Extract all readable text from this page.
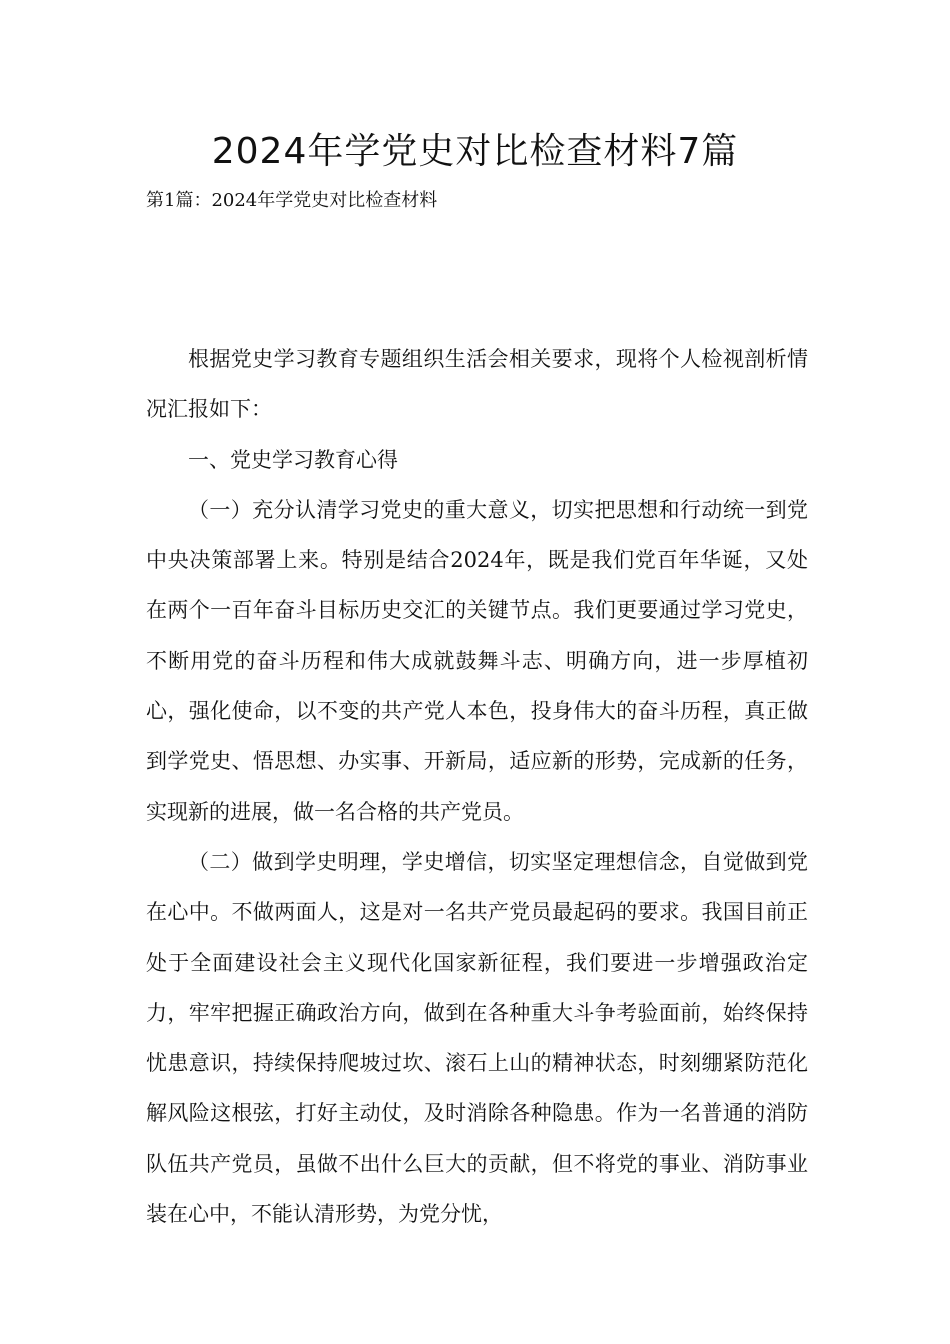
2024年学党史对比检查材料7篇
第1篇：2024年学党史对比检查材料

根据党史学习教育专题组织生活会相关要求，现将个人检视剖析情况汇报如下：

一、党史学习教育心得

（一）充分认清学习党史的重大意义，切实把思想和行动统一到党中央决策部署上来。特别是结合2024年，既是我们党百年华诞，又处在两个一百年奋斗目标历史交汇的关键节点。我们更要通过学习党史，不断用党的奋斗历程和伟大成就鼓舞斗志、明确方向，进一步厚植初心，强化使命，以不变的共产党人本色，投身伟大的奋斗历程，真正做到学党史、悟思想、办实事、开新局，适应新的形势，完成新的任务，实现新的进展，做一名合格的共产党员。

（二）做到学史明理，学史增信，切实坚定理想信念，自觉做到党在心中。不做两面人，这是对一名共产党员最起码的要求。我国目前正处于全面建设社会主义现代化国家新征程，我们要进一步增强政治定力，牢牢把握正确政治方向，做到在各种重大斗争考验面前，始终保持忧患意识，持续保持爬坡过坎、滚石上山的精神状态，时刻绷紧防范化解风险这根弦，打好主动仗，及时消除各种隐患。作为一名普通的消防队伍共产党员，虽做不出什么巨大的贡献，但不将党的事业、消防事业装在心中，不能认清形势，为党分忧，
